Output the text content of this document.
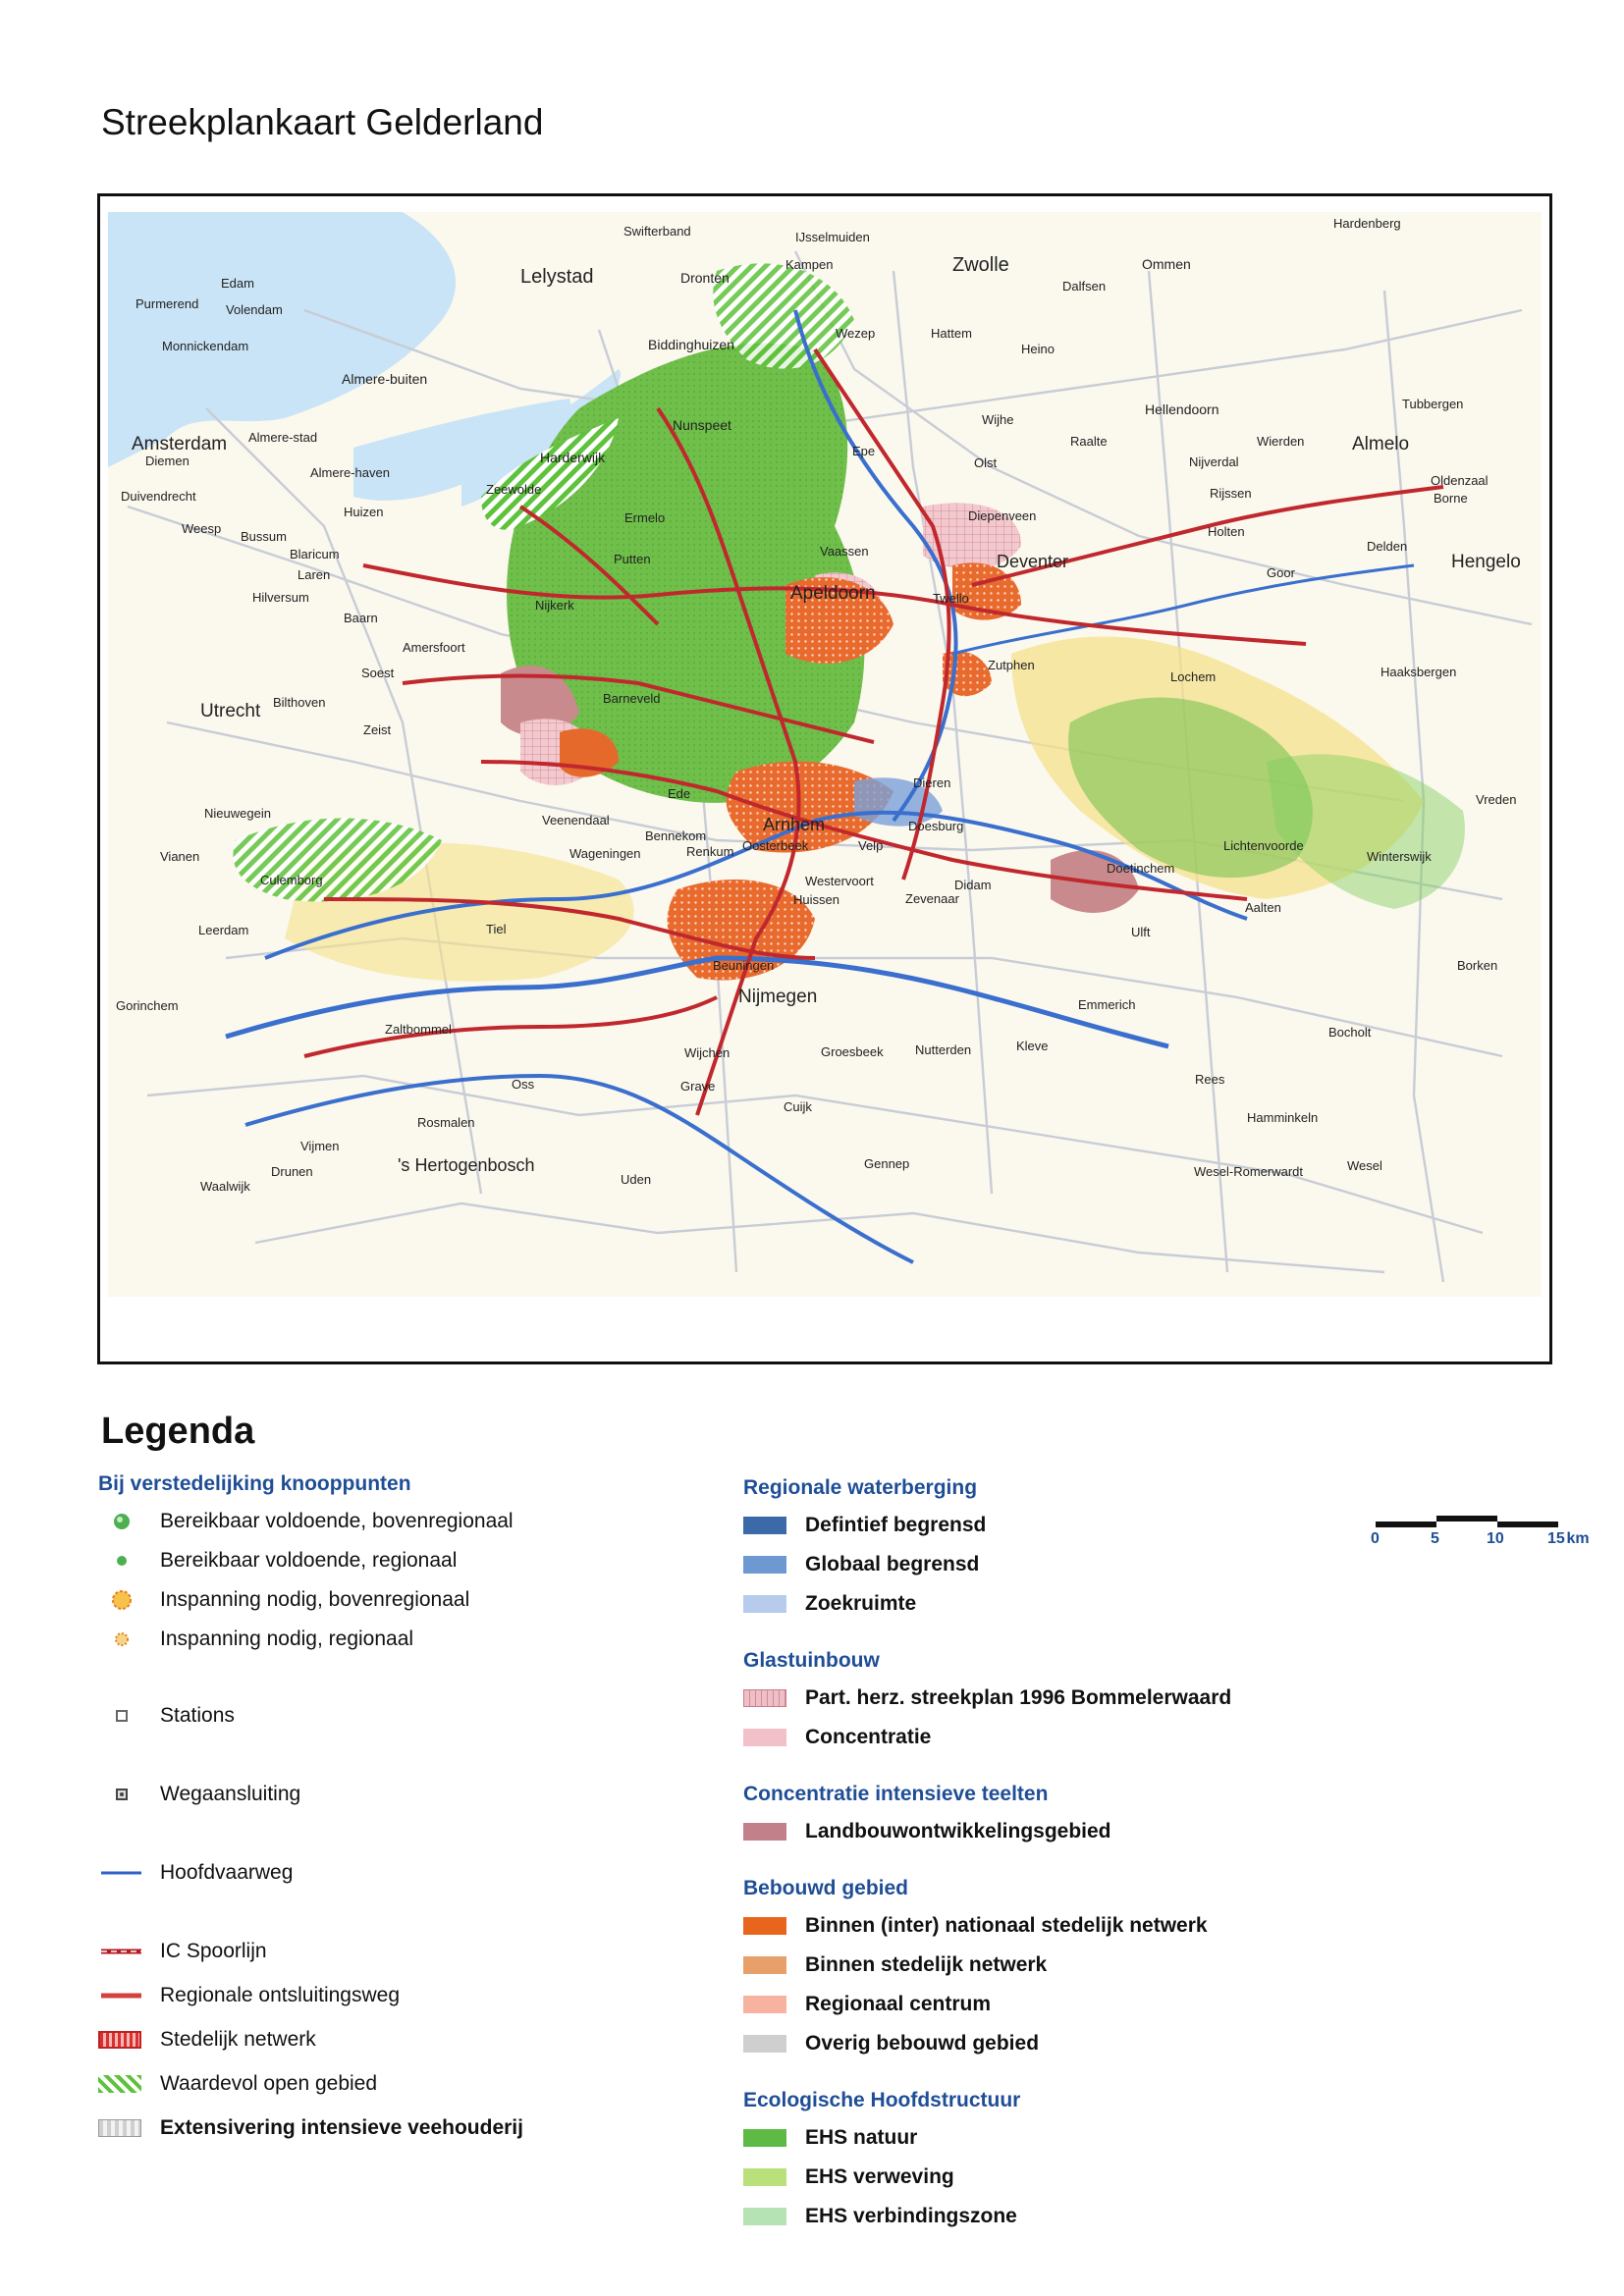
Streekplankaart Gelderland
Swifterband	IJsselmuiden
Hardenberg
Lelystad	Dronten
Kampen	Zwolle	Ommen
Edam	Dalfsen
Purmerend Volendam
Biddinghuizen
Wezep	Hattem
Heino
Monnickendam
Almere-buiten
Hellendoorn	Tubbergen
Nunspeet	Wijhe
Amsterdam Almere-stad	Raalte	Wierden	Almelo
Diemen	Harderwijk	Epe
Olst	Nijverdal
Almere-haven
Oldenzaal
Duivendrecht	Zeewolde	Rijssen	Borne
Huizen	Ermelo
Vaassen
Diepenveen
Weesp
Bussum	Holten
Delden
Blaricum	Putten	Deventer	Hengelo
Laren	Goor
Hilversum	Apeldoorn
Nijkerk	Twello
Baarn
Zutphen
Amersfoort
Soest	Lochem	Haaksbergen
Utrecht Bilthoven	Barneveld
Zeist
Dieren
Vreden
Nieuwegein
Ede
Veenendaal
Bennekom
Arnhem	Doesburg
Lichtenvoorde
Winterswijk
Vianen	Wageningen	Renkum Oosterbeek	Velp
Doetinchem
Culemborg	Westervoort
Huissen
Didam
Zevenaar
Aalten
Leerdam	Tiel	Ulft
Borken
Beuningen
Gorinchem	Nijmegen	Emmerich
Zaltbommel	Bocholt
Wijchen	Groesbeek Nutterden	Kleve
Oss	Grave	Rees
Cuijk
Hamminkeln
Rosmalen
Vijmen
's Hertogenbosch	Gennep
Wesel-Romerwardt
Drunen	Wesel
Waalwijk	Uden
0	5	10	15 km
Legenda
Bij verstedelijking knooppunten
Bereikbaar voldoende, bovenregionaal
Bereikbaar voldoende, regionaal
Inspanning nodig, bovenregionaal
Inspanning nodig, regionaal
Stations
Wegaansluiting
Hoofdvaarweg
IC Spoorlijn
Regionale ontsluitingsweg
Stedelijk netwerk
Waardevol open gebied
Extensivering intensieve veehouderij
Regionale waterberging
Defintief begrensd
Globaal begrensd
Zoekruimte
Glastuinbouw
Part. herz. streekplan 1996 Bommelerwaard
Concentratie
Concentratie intensieve teelten
Landbouwontwikkelingsgebied
Bebouwd gebied
Binnen (inter) nationaal stedelijk netwerk
Binnen stedelijk netwerk
Regionaal centrum
Overig bebouwd gebied
Ecologische Hoofdstructuur
EHS natuur
EHS verweving
EHS verbindingszone
